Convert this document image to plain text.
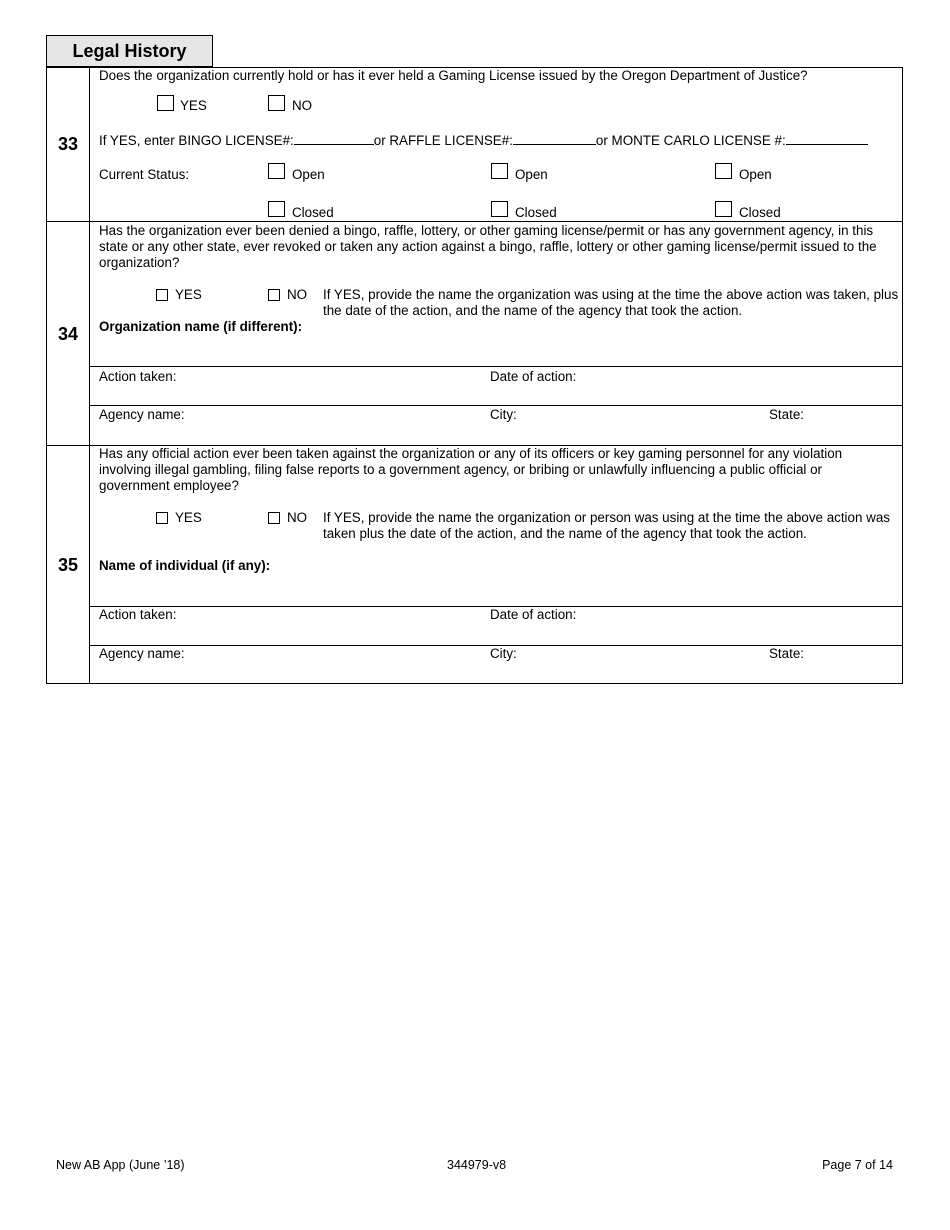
Legal History
33
Does the organization currently hold or has it ever held a Gaming License issued by the Oregon Department of Justice?
YES	NO
If YES, enter BINGO LICENSE#:	or RAFFLE LICENSE#:	or MONTE CARLO LICENSE #:
Current Status:	Open	Open	Open
Closed	Closed	Closed
34
Has the organization ever been denied a bingo, raffle, lottery, or other gaming license/permit or has any government agency, in this state or any other state, ever revoked or taken any action against a bingo, raffle, lottery or other gaming license/permit issued to the organization?
YES	NO If YES, provide the name the organization was using at the time the above action was taken, plus the date of the action, and the name of the agency that took the action.
Organization name (if different):
Action taken:	Date of action:
Agency name:	City:	State:
35
Has any official action ever been taken against the organization or any of its officers or key gaming personnel for any violation involving illegal gambling, filing false reports to a government agency, or bribing or unlawfully influencing a public official or government employee?
YES	NO If YES, provide the name the organization or person was using at the time the above action was taken plus the date of the action, and the name of the agency that took the action.
Name of individual (if any):
Action taken:	Date of action:
Agency name:	City:	State:
New AB App (June ’18)	344979-v8	Page 7 of 14
